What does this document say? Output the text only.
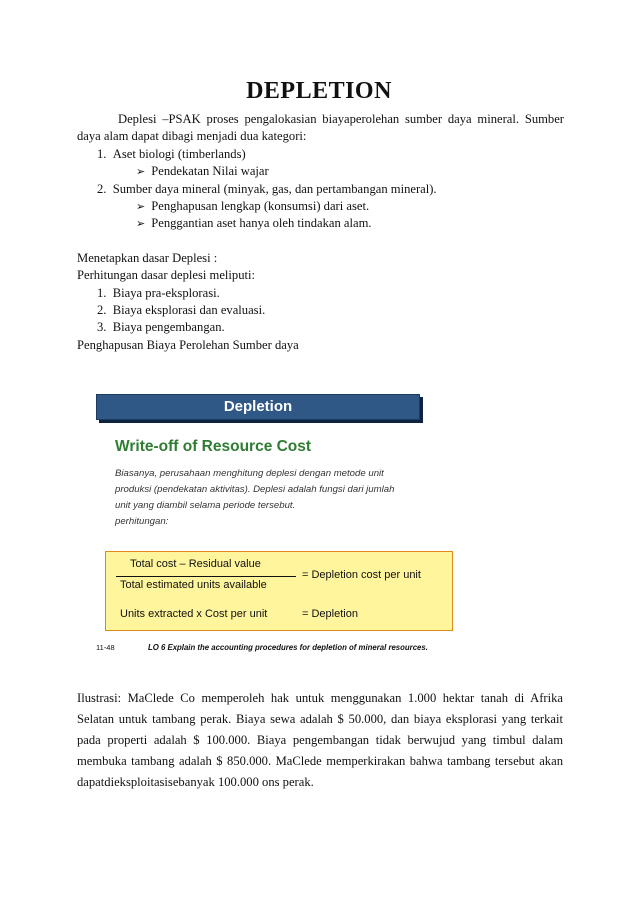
DEPLETION
Deplesi –PSAK proses pengalokasian biayaperolehan sumber daya mineral. Sumber
daya alam dapat dibagi menjadi dua kategori:
1. Aset biologi (timberlands)
➢ Pendekatan Nilai wajar
2. Sumber daya mineral (minyak, gas, dan pertambangan mineral).
➢ Penghapusan lengkap (konsumsi) dari aset.
➢ Penggantian aset hanya oleh tindakan alam.
Menetapkan dasar Deplesi :
Perhitungan dasar deplesi meliputi:
1. Biaya pra-eksplorasi.
2. Biaya eksplorasi dan evaluasi.
3. Biaya pengembangan.
Penghapusan Biaya Perolehan Sumber daya
Depletion
Write-off of Resource Cost
Biasanya, perusahaan menghitung deplesi dengan metode unit
produksi (pendekatan aktivitas). Deplesi adalah fungsi dari jumlah
unit yang diambil selama periode tersebut.
perhitungan:
Total cost – Residual value
Total estimated units available
= Depletion cost per unit
Units extracted x Cost per unit	= Depletion
11-48	LO 6 Explain the accounting procedures for depletion of mineral resources.
Ilustrasi: MaClede Co memperoleh hak untuk menggunakan 1.000 hektar tanah di Afrika
Selatan untuk tambang perak. Biaya sewa adalah $ 50.000, dan biaya eksplorasi yang terkait
pada properti adalah $ 100.000. Biaya pengembangan tidak berwujud yang timbul dalam
membuka tambang adalah $ 850.000. MaClede memperkirakan bahwa tambang tersebut akan
dapatdieksploitasisebanyak 100.000 ons perak.
